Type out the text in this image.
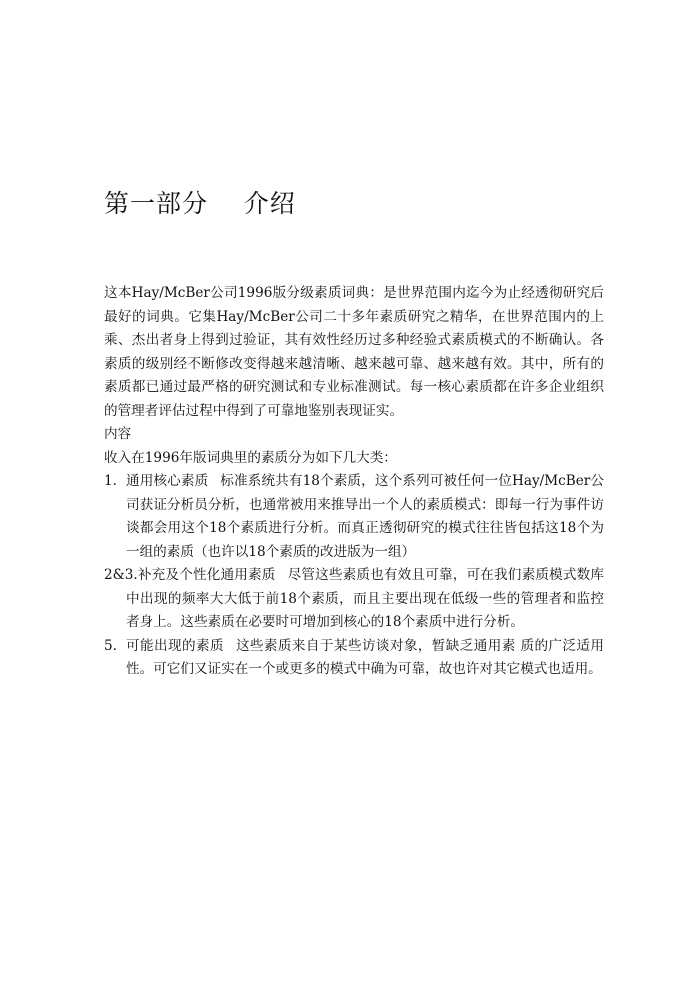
第一部分    介绍

这本Hay/McBer公司1996版分级素质词典：是世界范围内迄今为止经透彻研究后最好的词典。它集Hay/McBer公司二十多年素质研究之精华，在世界范围内的上乘、杰出者身上得到过验证，其有效性经历过多种经验式素质模式的不断确认。各素质的级别经不断修改变得越来越清晰、越来越可靠、越来越有效。其中，所有的素质都已通过最严格的研究测试和专业标准测试。每一核心素质都在许多企业组织的管理者评估过程中得到了可靠地鉴别表现证实。

内容

收入在1996年版词典里的素质分为如下几大类：

1. 通用核心素质 标准系统共有18个素质，这个系列可被任何一位Hay/McBer公司获证分析员分析，也通常被用来推导出一个人的素质模式：即每一行为事件访谈都会用这个18个素质进行分析。而真正透彻研究的模式往往皆包括这18个为一组的素质（也许以18个素质的改进版为一组）
2&3.补充及个性化通用素质 尽管这些素质也有效且可靠，可在我们素质模式数库中出现的频率大大低于前18个素质，而且主要出现在低级一些的管理者和监控者身上。这些素质在必要时可增加到核心的18个素质中进行分析。
5. 可能出现的素质 这些素质来自于某些访谈对象，暂缺乏通用素 质的广泛适用性。可它们又证实在一个或更多的模式中确为可靠，故也许对其它模式也适用。
